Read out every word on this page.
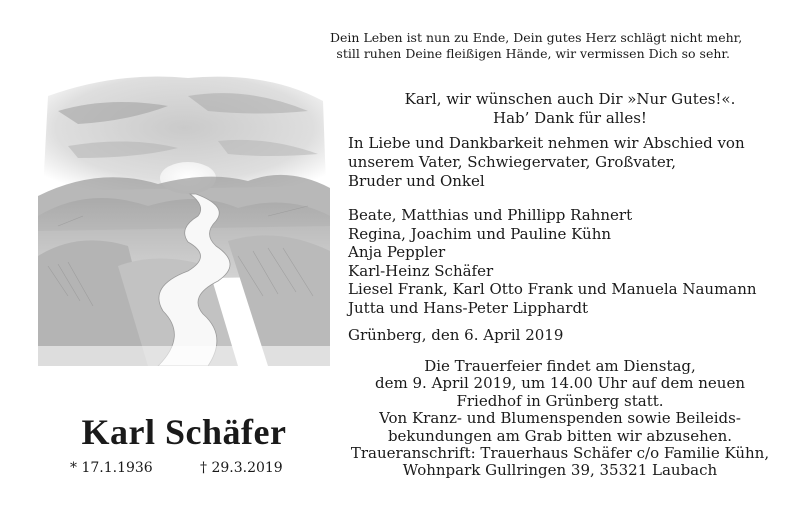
Dein Leben ist nun zu Ende, Dein gutes Herz schlägt nicht mehr,
still ruhen Deine fleißigen Hände, wir vermissen Dich so sehr.
Karl Schäfer
* 17.1.1936	† 29.3.2019
Karl, wir wünschen auch Dir »Nur Gutes!«.
Hab’ Dank für alles!
In Liebe und Dankbarkeit nehmen wir Abschied von
unserem Vater, Schwiegervater, Großvater,
Bruder und Onkel
Beate, Matthias und Phillipp Rahnert
Regina, Joachim und Pauline Kühn
Anja Peppler
Karl-Heinz Schäfer
Liesel Frank, Karl Otto Frank und Manuela Naumann
Jutta und Hans-Peter Lipphardt
Grünberg, den 6. April 2019
Die Trauerfeier findet am Dienstag,
dem 9. April 2019, um 14.00 Uhr auf dem neuen
Friedhof in Grünberg statt.
Von Kranz- und Blumenspenden sowie Beileids-
bekundungen am Grab bitten wir abzusehen.
Traueranschrift: Trauerhaus Schäfer c/o Familie Kühn,
Wohnpark Gullringen 39, 35321 Laubach
